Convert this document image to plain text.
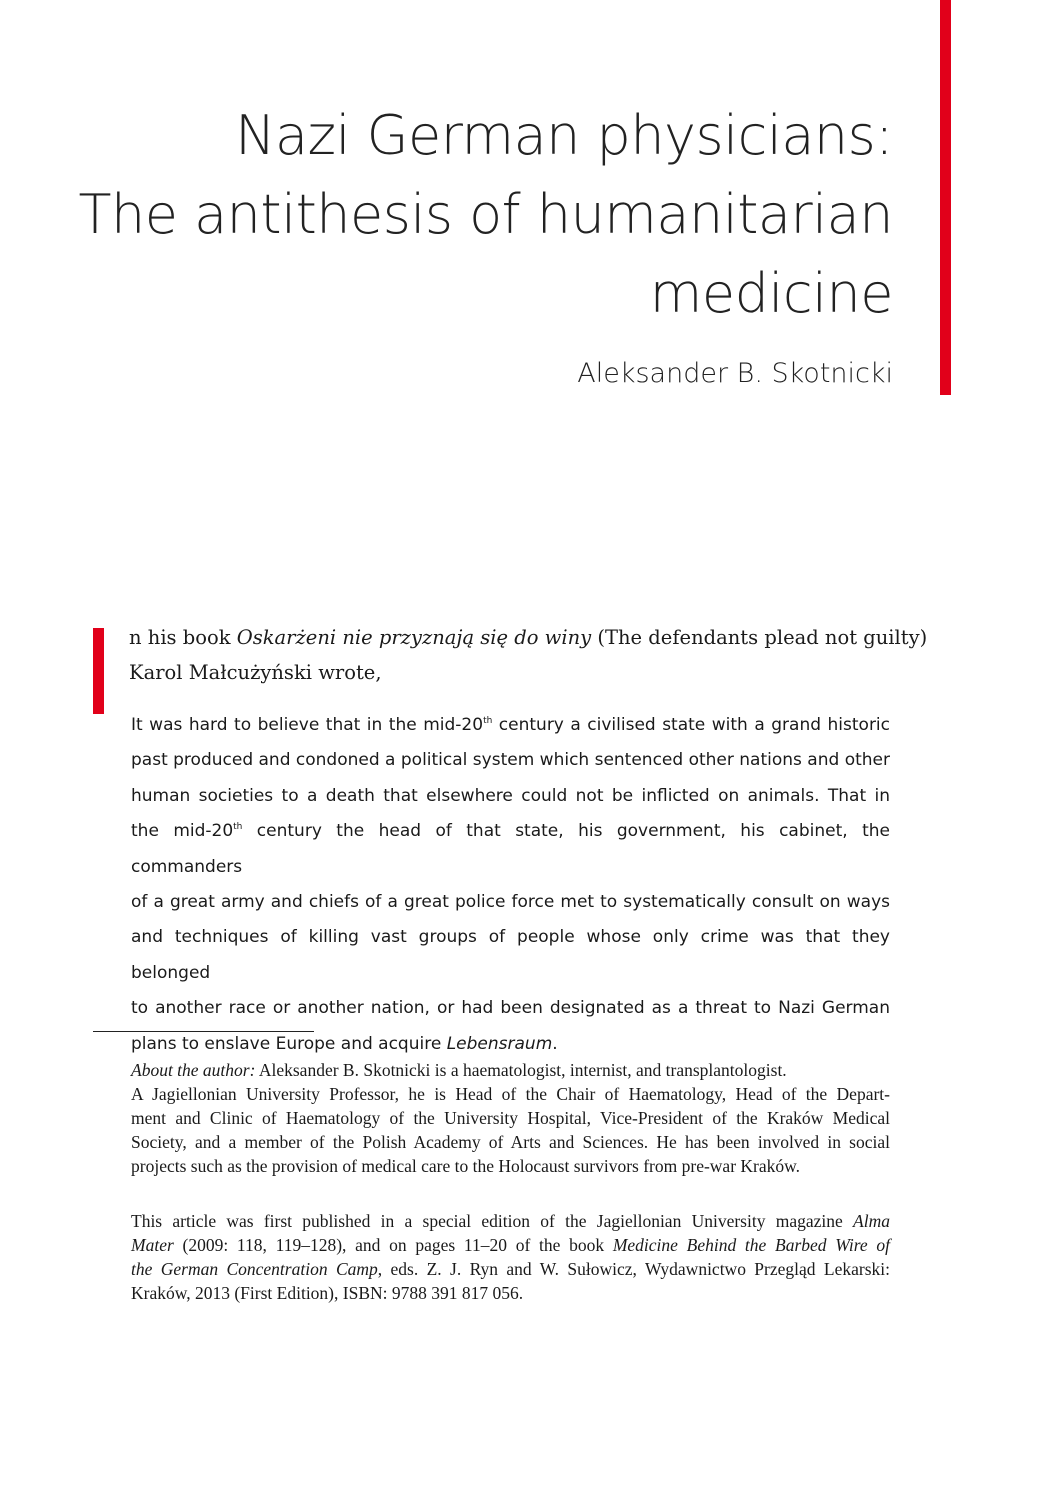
Nazi German physicians:
The antithesis of humanitarian
medicine
Aleksander B. Skotnicki
n his book Oskarżeni nie przyznają się do winy (The defendants plead not guilty)
Karol Małcużyński wrote,
It was hard to believe that in the mid-20th century a civilised state with a grand historic
past produced and condoned a political system which sentenced other nations and other
human societies to a death that elsewhere could not be inflicted on animals. That in
the mid-20th century the head of that state, his government, his cabinet, the commanders
of a great army and chiefs of a great police force met to systematically consult on ways
and techniques of killing vast groups of people whose only crime was that they belonged
to another race or another nation, or had been designated as a threat to Nazi German
plans to enslave Europe and acquire Lebensraum.
About the author: Aleksander B. Skotnicki is a haematologist, internist, and transplantologist.
A Jagiellonian University Professor, he is Head of the Chair of Haematology, Head of the Depart-
ment and Clinic of Haematology of the University Hospital, Vice-President of the Kraków Medical
Society, and a member of the Polish Academy of Arts and Sciences. He has been involved in social
projects such as the provision of medical care to the Holocaust survivors from pre-war Kraków.
This article was first published in a special edition of the Jagiellonian University magazine Alma
Mater (2009: 118, 119–128), and on pages 11–20 of the book Medicine Behind the Barbed Wire of
the German Concentration Camp, eds. Z. J. Ryn and W. Sułowicz, Wydawnictwo Przegląd Lekarski:
Kraków, 2013 (First Edition), ISBN: 9788 391 817 056.
